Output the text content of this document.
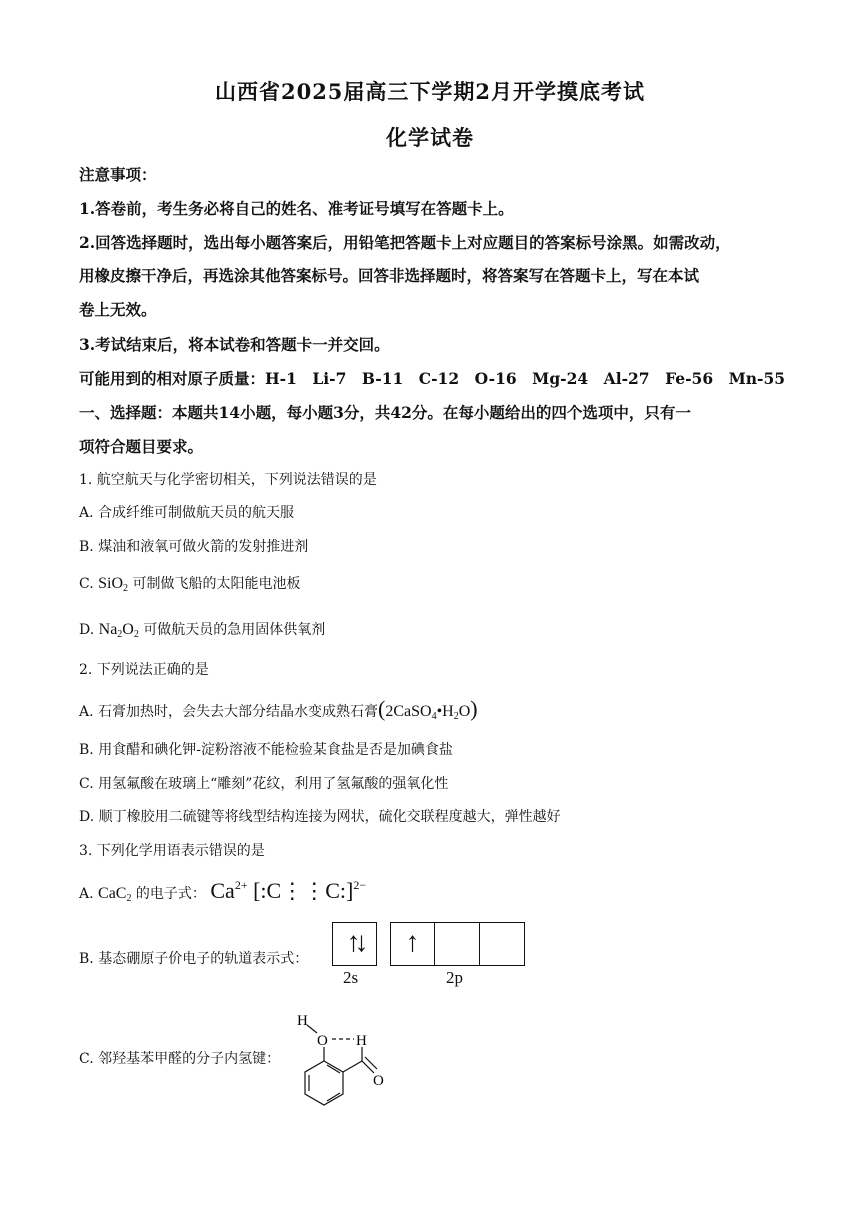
山西省2025届高三下学期2月开学摸底考试
化学试卷
注意事项：
1.答卷前，考生务必将自己的姓名、准考证号填写在答题卡上。
2.回答选择题时，选出每小题答案后，用铅笔把答题卡上对应题目的答案标号涂黑。如需改动，
用橡皮擦干净后，再选涂其他答案标号。回答非选择题时，将答案写在答题卡上，写在本试
卷上无效。
3.考试结束后，将本试卷和答题卡一并交回。
可能用到的相对原子质量：H-1　Li-7　B-11　C-12　O-16　Mg-24　Al-27　Fe-56　Mn-55
一、选择题：本题共14小题，每小题3分，共42分。在每小题给出的四个选项中，只有一
项符合题目要求。
1. 航空航天与化学密切相关，下列说法错误的是
A. 合成纤维可制做航天员的航天服
B. 煤油和液氧可做火箭的发射推进剂
C. SiO$_2$ 可制做飞船的太阳能电池板
D. $Na_2O_2$ 可做航天员的急用固体供氧剂
2. 下列说法正确的是
A. 石膏加热时，会失去大部分结晶水变成熟石膏$(2CaSO_4•H_2O)$
B. 用食醋和碘化钾-淀粉溶液不能检验某食盐是否是加碘食盐
C. 用氢氟酸在玻璃上“雕刻”花纹，利用了氢氟酸的强氧化性
D. 顺丁橡胶用二硫键等将线型结构连接为网状，硫化交联程度越大，弹性越好
3. 下列化学用语表示错误的是
A. CaC$_2$ 的电子式： $Ca^{2+}$ [:C⋮⋮C:]$^{2-}$
B. 基态硼原子价电子的轨道表示式：
↑↓	↑
2s	2p
C. 邻羟基苯甲醛的分子内氢键：
H
O H
O
